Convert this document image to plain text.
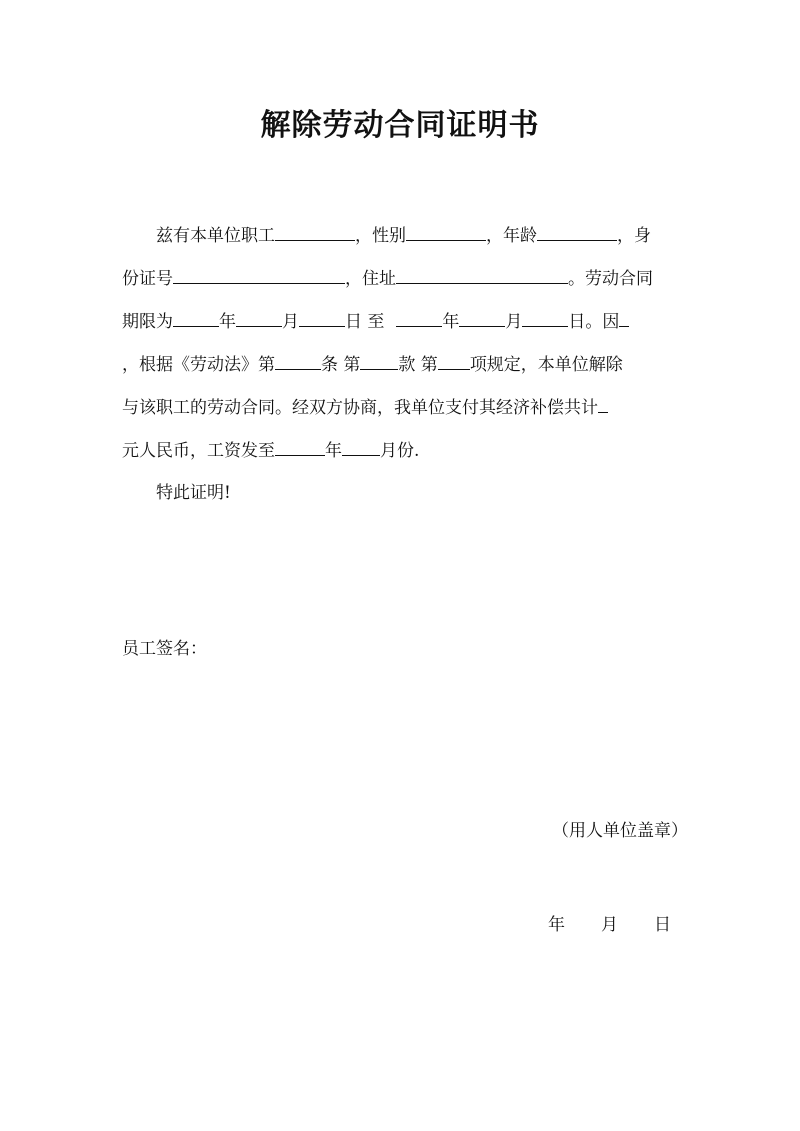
解除劳动合同证明书
兹有本单位职工	，性别	，年龄	，身
份证号	，住址	。劳动合同
期限为	年	月	日 至	年	月	日。因
，根据《劳动法》第	条 第 款 第 项规定，本单位解除
与该职工的劳动合同。经双方协商，我单位支付其经济补偿共计
元人民币，工资发至	年 月份.
特此证明!
员工签名：
（用人单位盖章）
年 月 日
